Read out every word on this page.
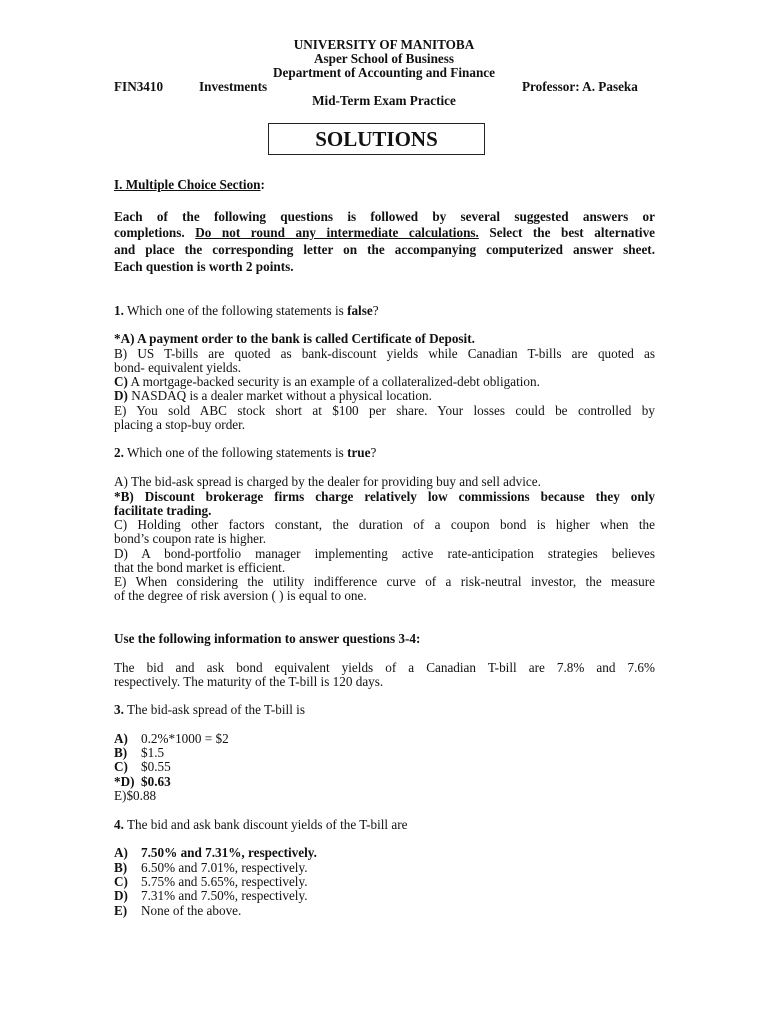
UNIVERSITY OF MANITOBA
Asper School of Business
Department of Accounting and Finance
FIN3410	Investments	Professor: A. Paseka
Mid-Term Exam Practice
SOLUTIONS
I. Multiple Choice Section:
Each of the following questions is followed by several suggested answers or
completions. Do not round any intermediate calculations. Select the best alternative
and place the corresponding letter on the accompanying computerized answer sheet.
Each question is worth 2 points.
1. Which one of the following statements is false?
*A) A payment order to the bank is called Certificate of Deposit.
B) US T-bills are quoted as bank-discount yields while Canadian T-bills are quoted as
bond- equivalent yields.
C) A mortgage-backed security is an example of a collateralized-debt obligation.
D) NASDAQ is a dealer market without a physical location.
E) You sold ABC stock short at $100 per share. Your losses could be controlled by
placing a stop-buy order.
2. Which one of the following statements is true?
A) The bid-ask spread is charged by the dealer for providing buy and sell advice.
*B) Discount brokerage firms charge relatively low commissions because they only
facilitate trading.
C) Holding other factors constant, the duration of a coupon bond is higher when the
bond’s coupon rate is higher.
D) A bond-portfolio manager implementing active rate-anticipation strategies believes
that the bond market is efficient.
E) When considering the utility indifference curve of a risk-neutral investor, the measure
of the degree of risk aversion ( ) is equal to one.
Use the following information to answer questions 3-4:
The bid and ask bond equivalent yields of a Canadian T-bill are 7.8% and 7.6%
respectively. The maturity of the T-bill is 120 days.
3. The bid-ask spread of the T-bill is
A) 0.2%*1000 = $2
B) $1.5
C) $0.55
*D) $0.63
E)$0.88
4. The bid and ask bank discount yields of the T-bill are
A) 7.50% and 7.31%, respectively.
B) 6.50% and 7.01%, respectively.
C) 5.75% and 5.65%, respectively.
D) 7.31% and 7.50%, respectively.
E) None of the above.
